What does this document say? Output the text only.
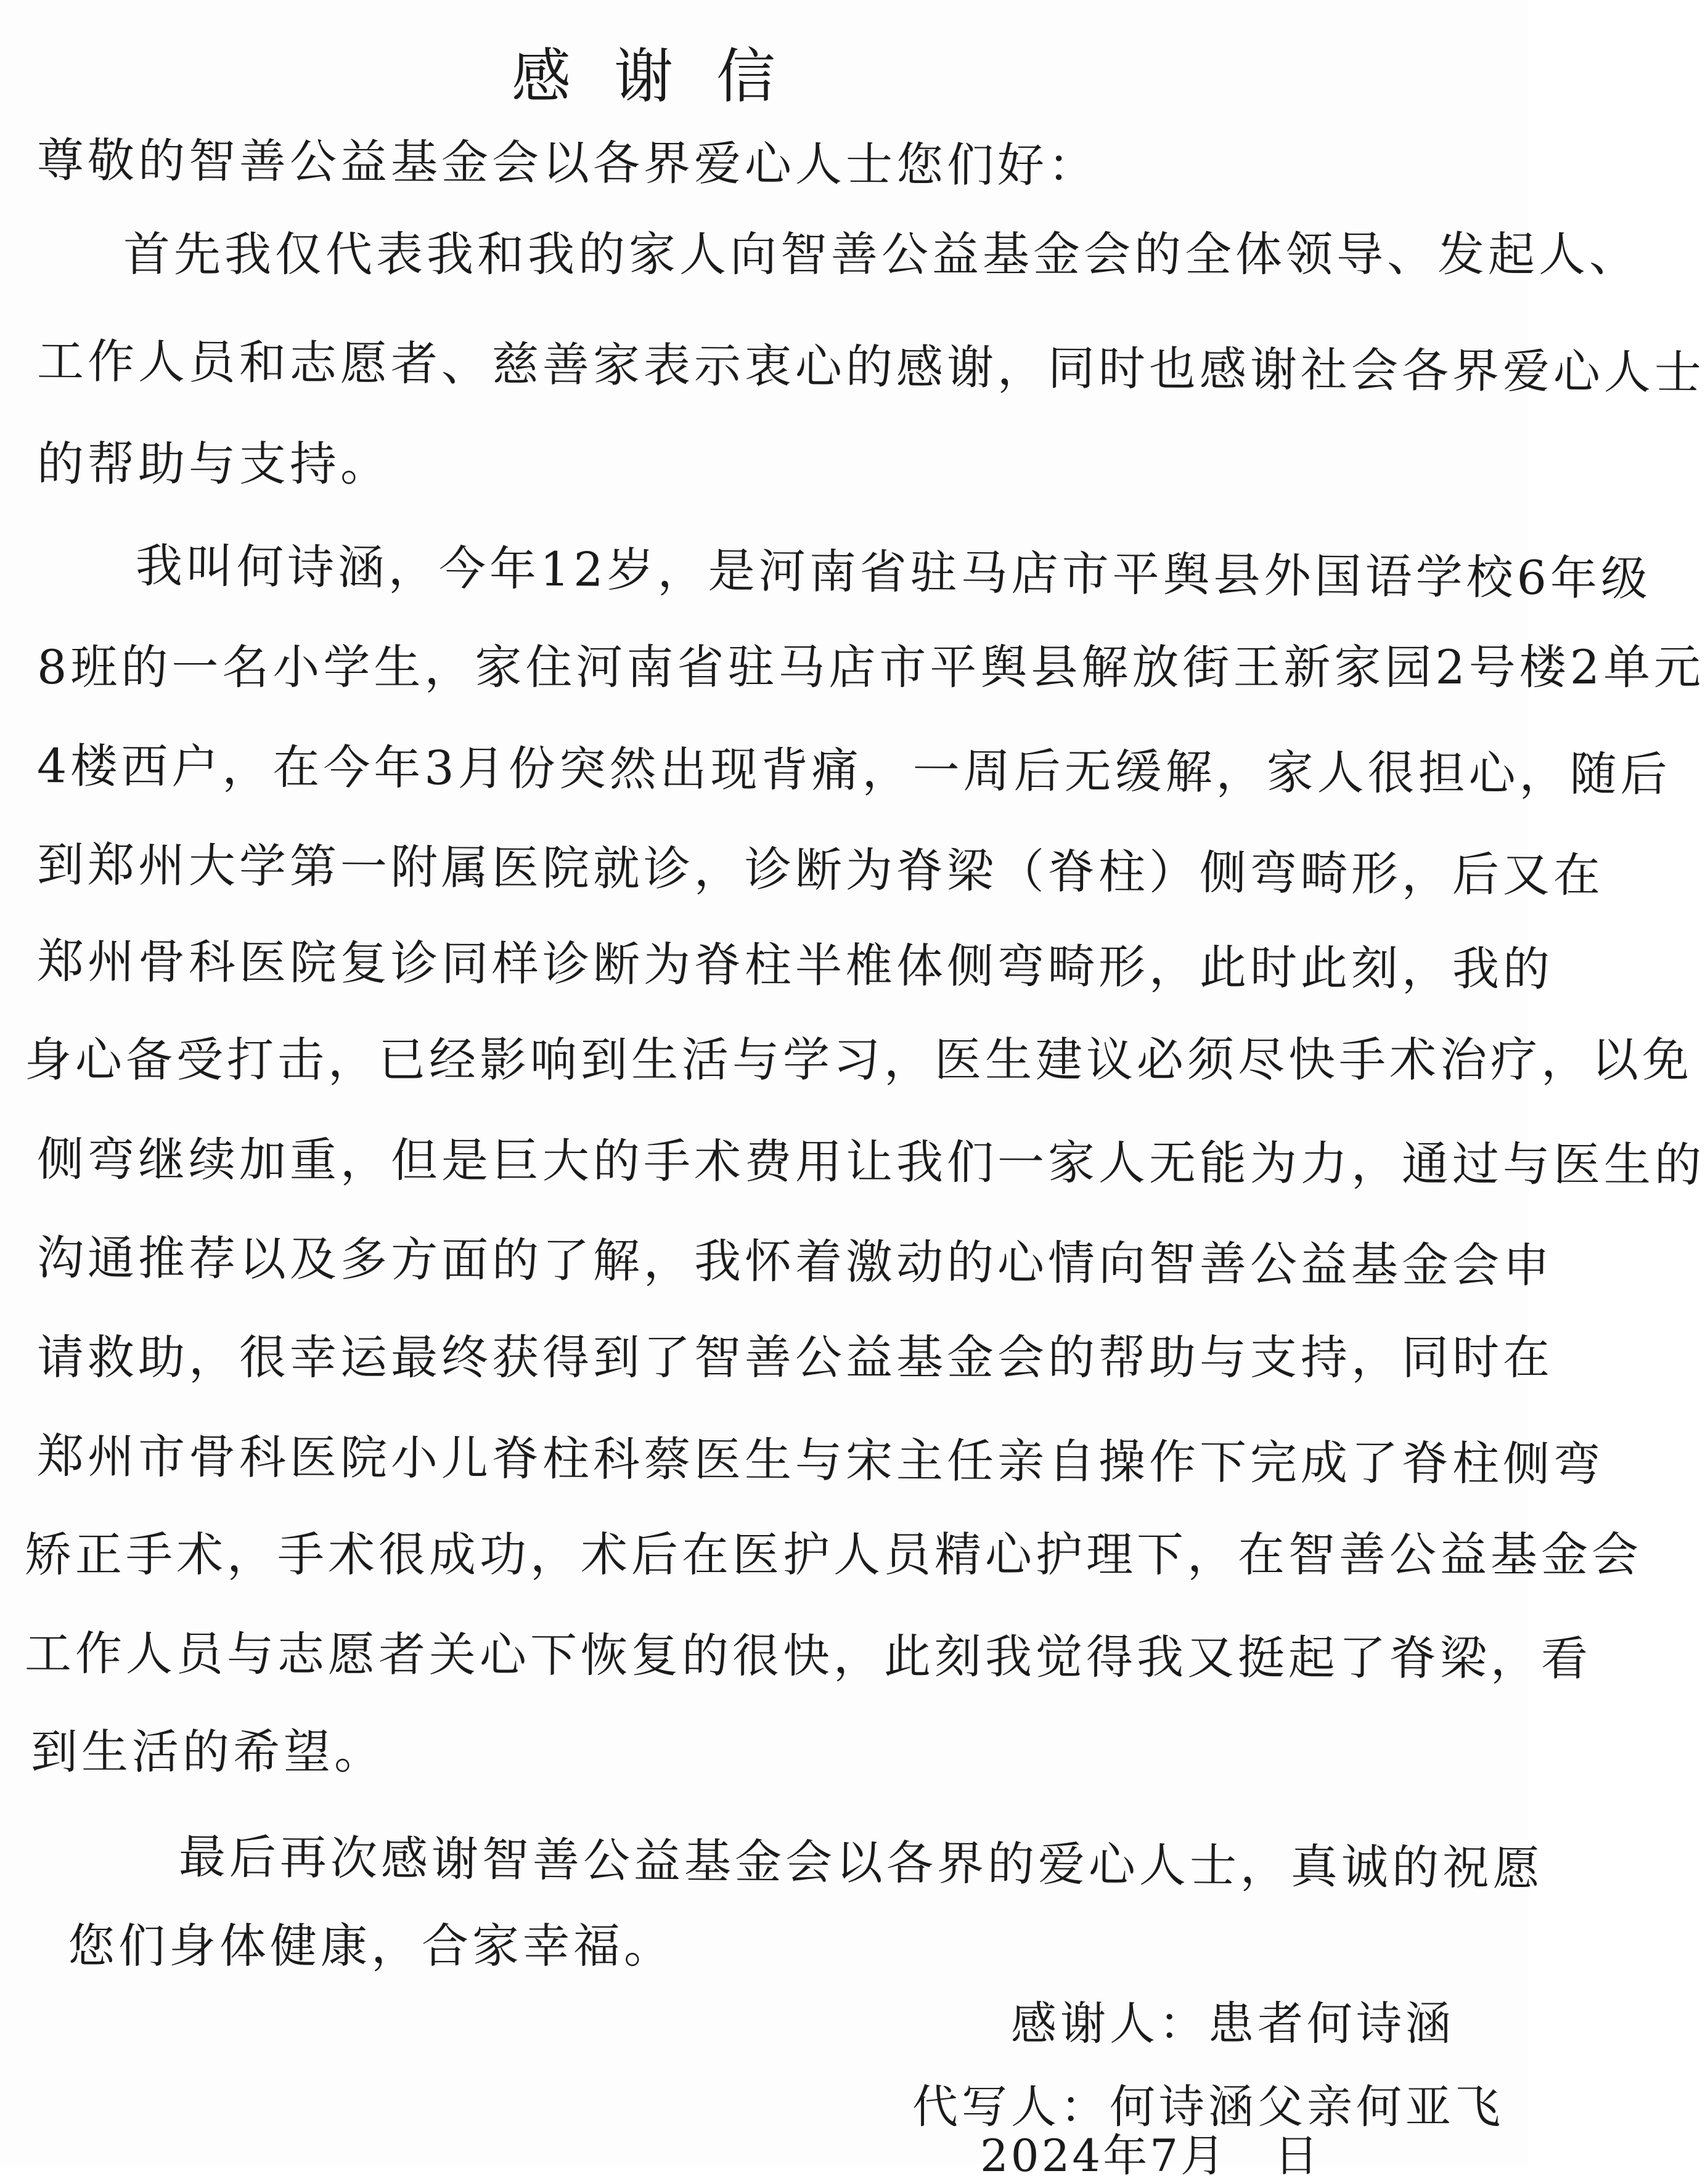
感谢信
尊敬的智善公益基金会以各界爱心人士您们好：
首先我仅代表我和我的家人向智善公益基金会的全体领导、发起人、
工作人员和志愿者、慈善家表示衷心的感谢，同时也感谢社会各界爱心人士
的帮助与支持。
我叫何诗涵，今年12岁，是河南省驻马店市平舆县外国语学校6年级
8班的一名小学生，家住河南省驻马店市平舆县解放街王新家园2号楼2单元
4楼西户，在今年3月份突然出现背痛，一周后无缓解，家人很担心，随后
到郑州大学第一附属医院就诊，诊断为脊梁（脊柱）侧弯畸形，后又在
郑州骨科医院复诊同样诊断为脊柱半椎体侧弯畸形，此时此刻，我的
身心备受打击，已经影响到生活与学习，医生建议必须尽快手术治疗，以免
侧弯继续加重，但是巨大的手术费用让我们一家人无能为力，通过与医生的
沟通推荐以及多方面的了解，我怀着激动的心情向智善公益基金会申
请救助，很幸运最终获得到了智善公益基金会的帮助与支持，同时在
郑州市骨科医院小儿脊柱科蔡医生与宋主任亲自操作下完成了脊柱侧弯
矫正手术，手术很成功，术后在医护人员精心护理下，在智善公益基金会
工作人员与志愿者关心下恢复的很快，此刻我觉得我又挺起了脊梁，看
到生活的希望。
最后再次感谢智善公益基金会以各界的爱心人士，真诚的祝愿
您们身体健康，合家幸福。
感谢人：患者何诗涵
代写人：何诗涵父亲何亚飞
2024年7月　日
